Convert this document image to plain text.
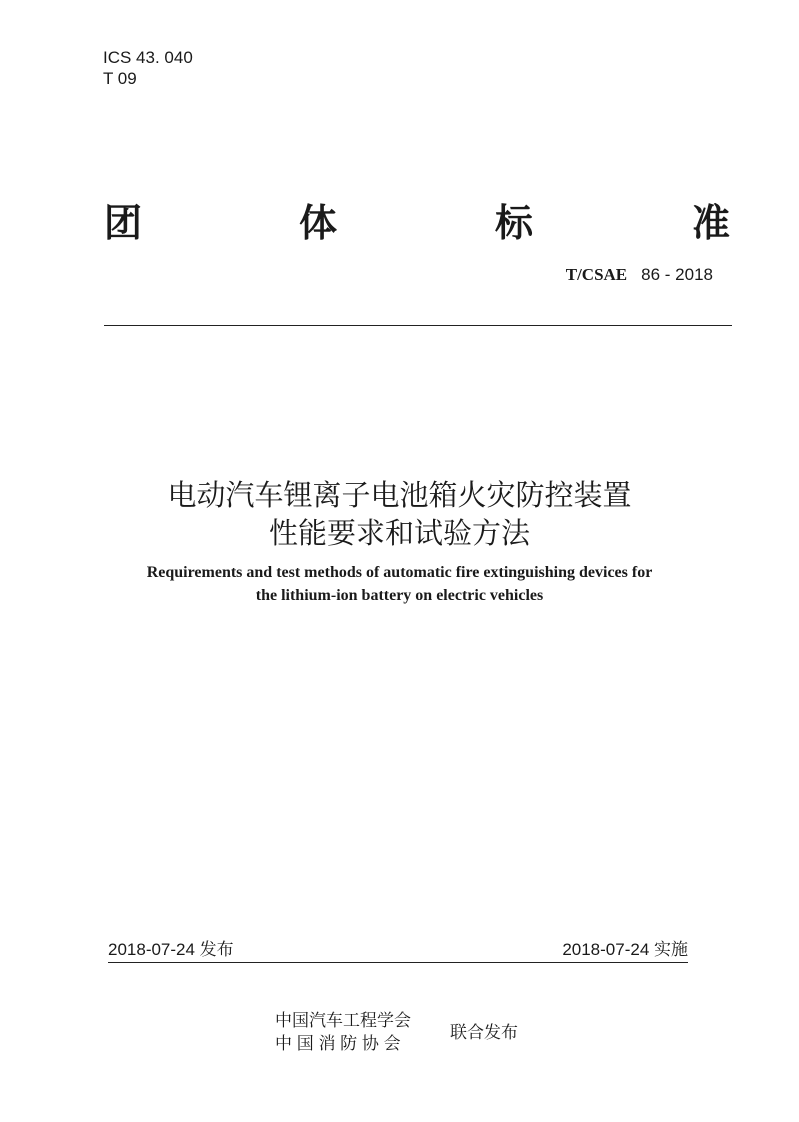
ICS 43. 040
T 09
团	体	标	准
T/CSAE 86 - 2018
电动汽车锂离子电池箱火灾防控装置
性能要求和试验方法
Requirements and test methods of automatic fire extinguishing devices for
the lithium-ion battery on electric vehicles
2018-07-24 发布	2018-07-24 实施
中国汽车工程学会
中 国 消 防 协 会
联合发布
